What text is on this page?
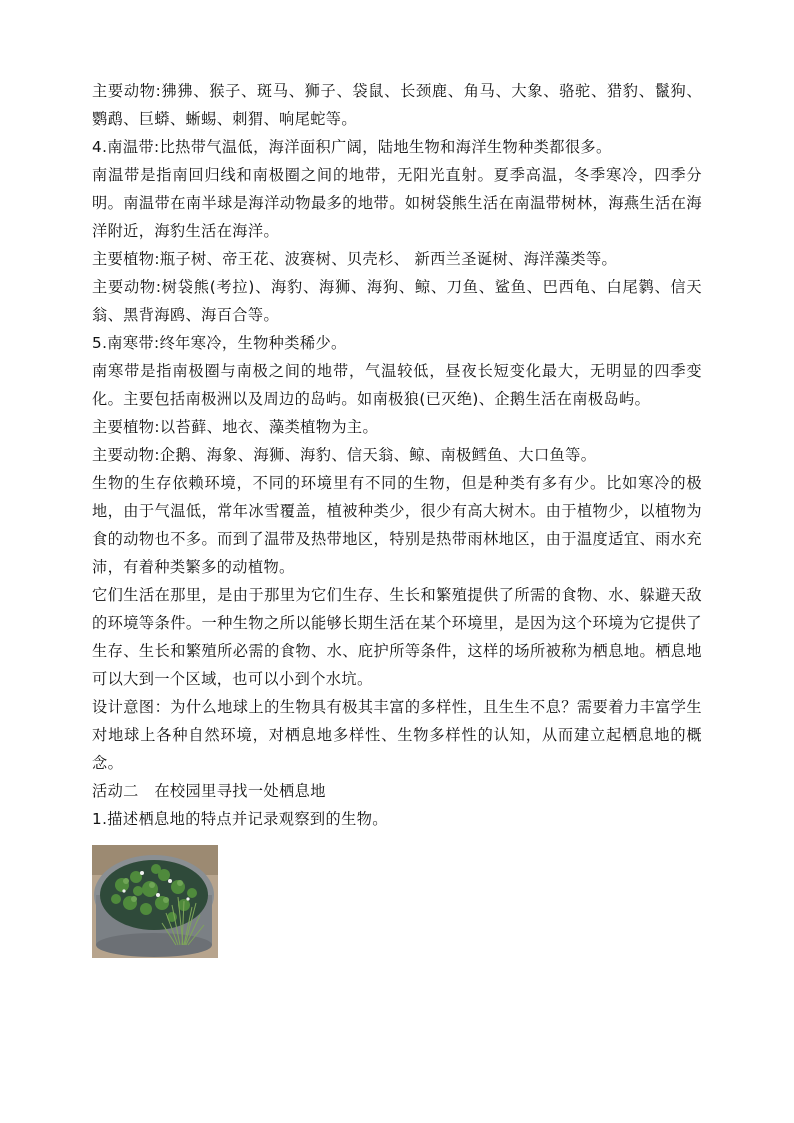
主要动物:狒狒、猴子、斑马、狮子、袋鼠、长颈鹿、角马、大象、骆驼、猎豹、鬣狗、鹦鹉、巨蟒、蜥蜴、刺猬、响尾蛇等。

4.南温带:比热带气温低，海洋面积广阔，陆地生物和海洋生物种类都很多。

南温带是指南回归线和南极圈之间的地带，无阳光直射。夏季高温，冬季寒冷，四季分明。南温带在南半球是海洋动物最多的地带。如树袋熊生活在南温带树林，海燕生活在海洋附近，海豹生活在海洋。

主要植物:瓶子树、帝王花、波赛树、贝壳杉、 新西兰圣诞树、海洋藻类等。

主要动物:树袋熊(考拉)、海豹、海狮、海狗、鲸、刀鱼、鲨鱼、巴西龟、白尾鹲、信天翁、黑背海鸥、海百合等。

5.南寒带:终年寒冷，生物种类稀少。

南寒带是指南极圈与南极之间的地带，气温较低，昼夜长短变化最大，无明显的四季变化。主要包括南极洲以及周边的岛屿。如南极狼(已灭绝)、企鹅生活在南极岛屿。

主要植物:以苔藓、地衣、藻类植物为主。

主要动物:企鹅、海象、海狮、海豹、信天翁、鲸、南极鳕鱼、大口鱼等。

生物的生存依赖环境，不同的环境里有不同的生物，但是种类有多有少。比如寒冷的极地，由于气温低，常年冰雪覆盖，植被种类少，很少有高大树木。由于植物少，以植物为食的动物也不多。而到了温带及热带地区，特别是热带雨林地区，由于温度适宜、雨水充沛，有着种类繁多的动植物。

它们生活在那里，是由于那里为它们生存、生长和繁殖提供了所需的食物、水、躲避天敌的环境等条件。一种生物之所以能够长期生活在某个环境里，是因为这个环境为它提供了生存、生长和繁殖所必需的食物、水、庇护所等条件，这样的场所被称为栖息地。栖息地可以大到一个区域，也可以小到个水坑。

设计意图：为什么地球上的生物具有极其丰富的多样性，且生生不息？需要着力丰富学生对地球上各种自然环境，对栖息地多样性、生物多样性的认知，从而建立起栖息地的概念。

活动二　在校园里寻找一处栖息地

1.描述栖息地的特点并记录观察到的生物。
